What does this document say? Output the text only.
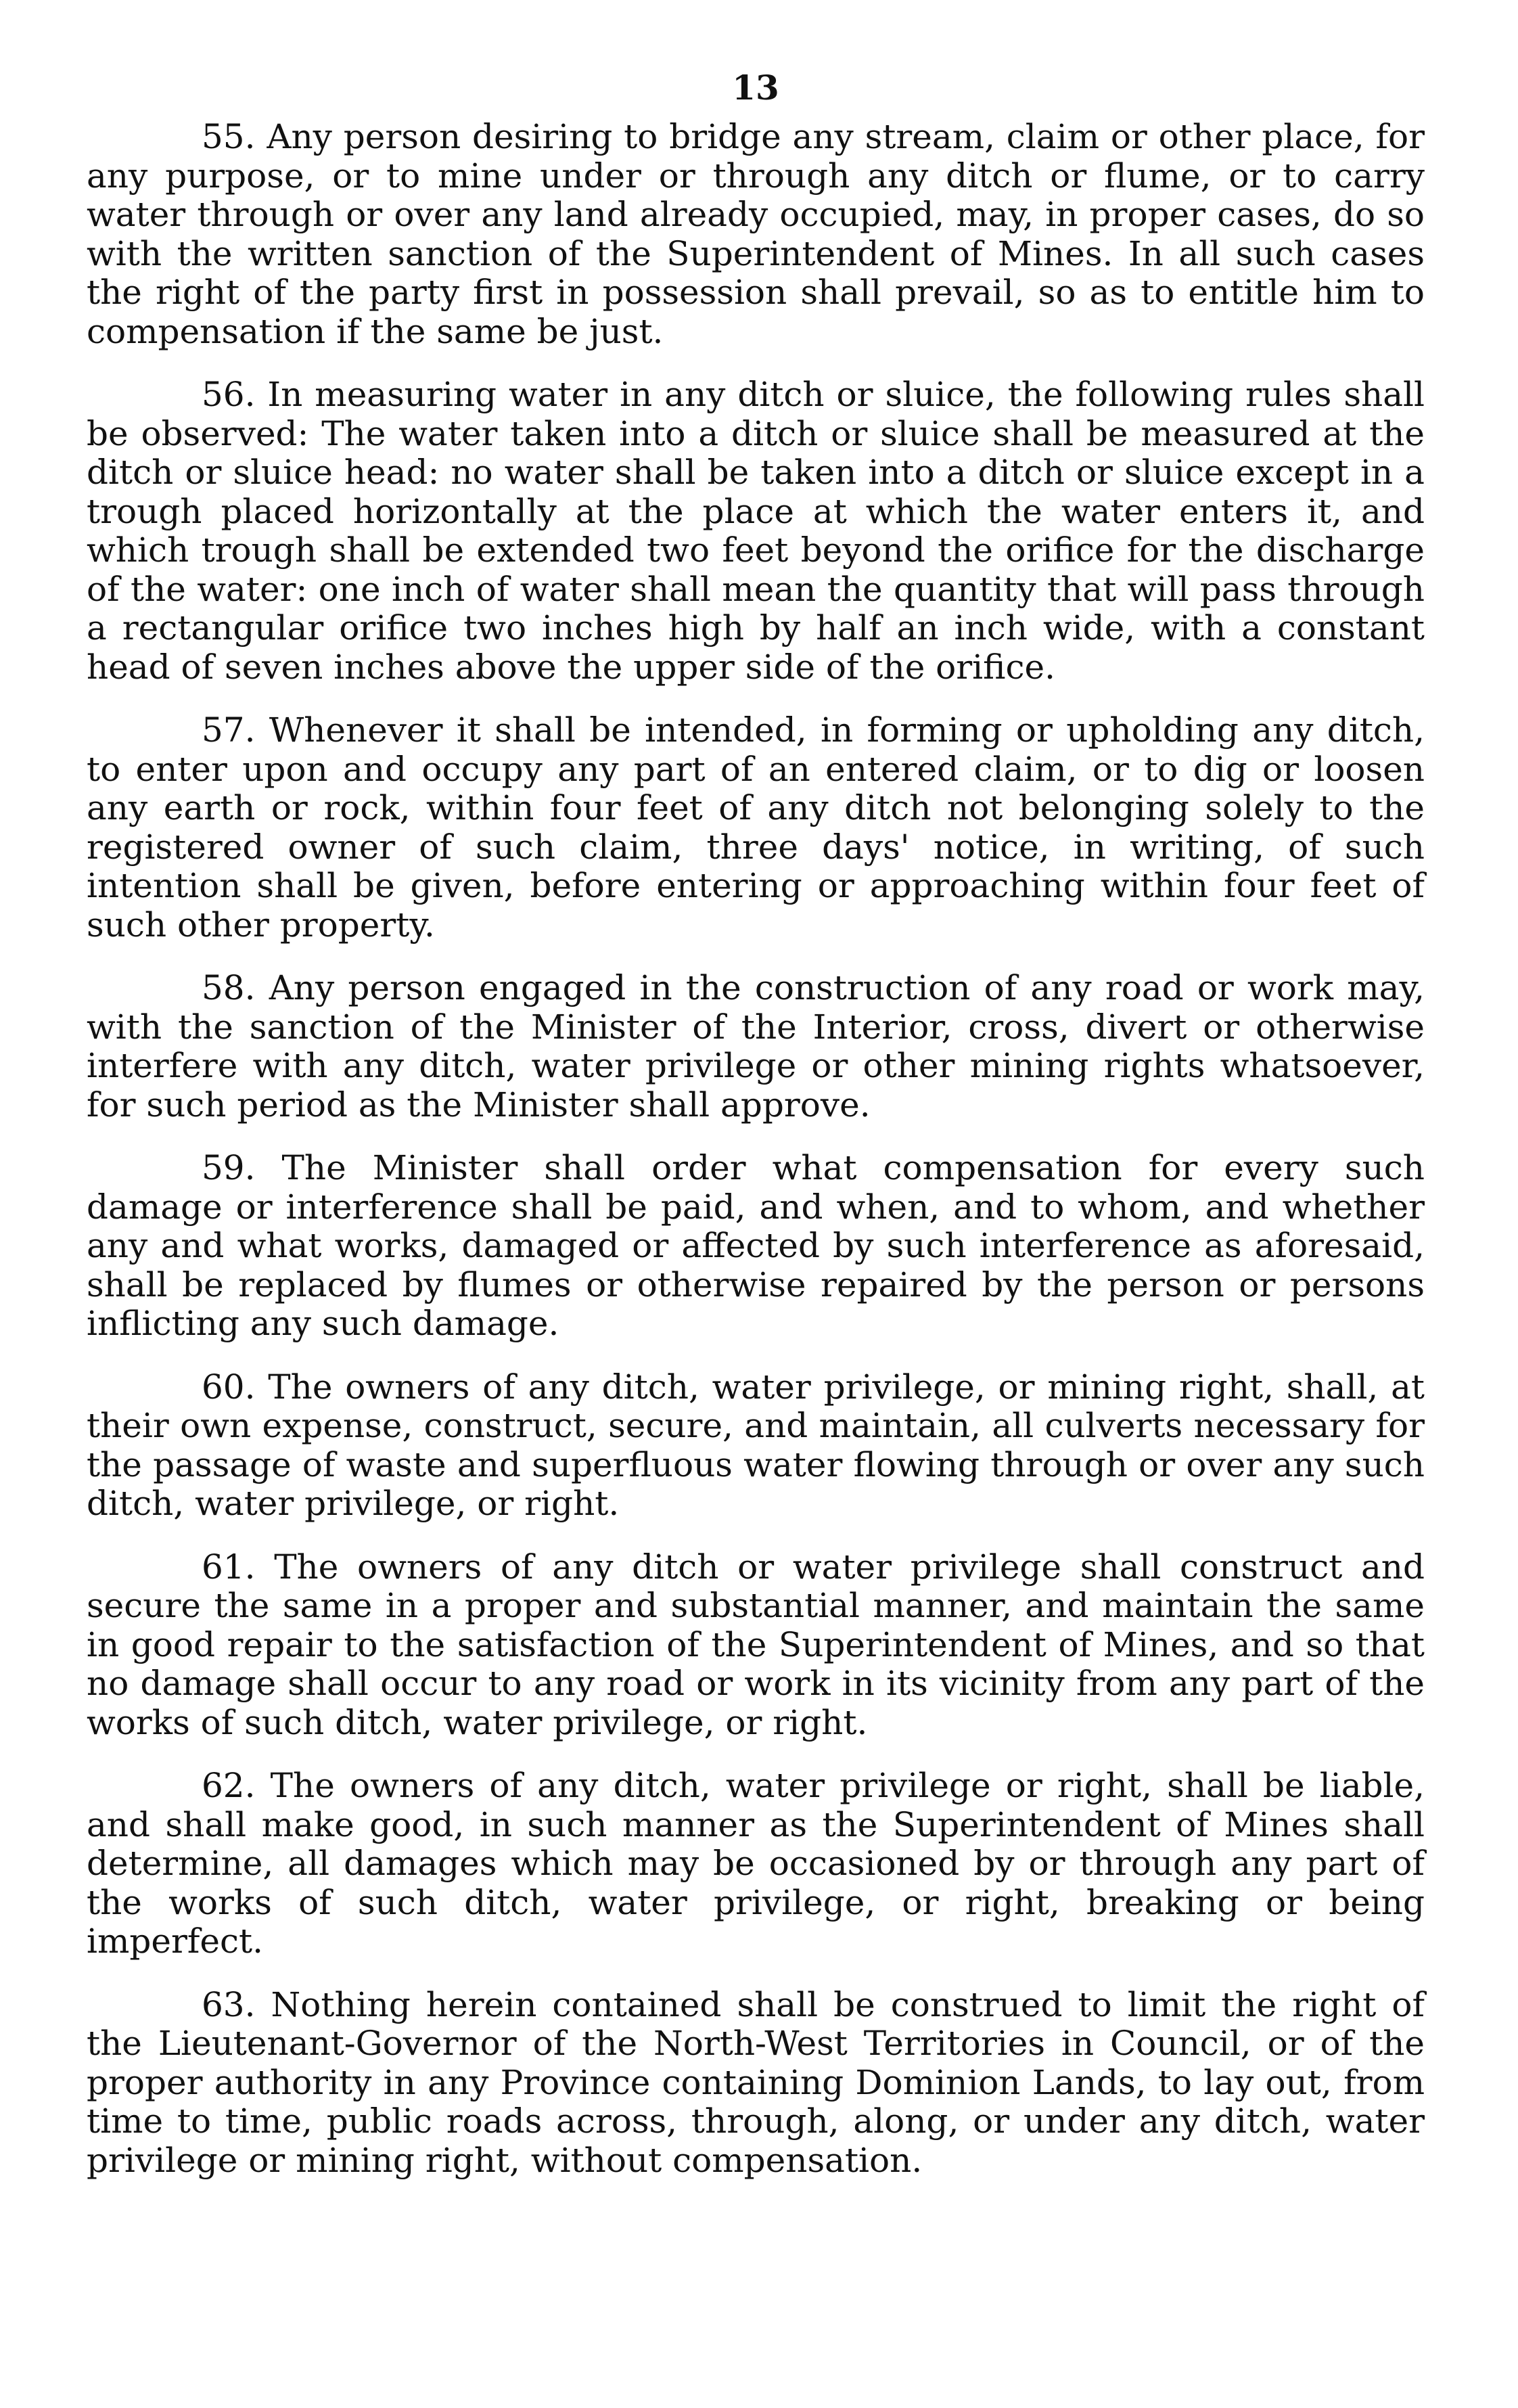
13

55. Any person desiring to bridge any stream, claim or other place, for any purpose, or to mine under or through any ditch or flume, or to carry water through or over any land already occupied, may, in proper cases, do so with the written sanction of the Superintendent of Mines. In all such cases the right of the party first in possession shall prevail, so as to entitle him to compensation if the same be just.

56. In measuring water in any ditch or sluice, the following rules shall be observed: The water taken into a ditch or sluice shall be measured at the ditch or sluice head: no water shall be taken into a ditch or sluice except in a trough placed horizontally at the place at which the water enters it, and which trough shall be extended two feet beyond the orifice for the discharge of the water: one inch of water shall mean the quantity that will pass through a rectangular orifice two inches high by half an inch wide, with a constant head of seven inches above the upper side of the orifice.

57. Whenever it shall be intended, in forming or upholding any ditch, to enter upon and occupy any part of an entered claim, or to dig or loosen any earth or rock, within four feet of any ditch not belonging solely to the registered owner of such claim, three days' notice, in writing, of such intention shall be given, before entering or approaching within four feet of such other property.

58. Any person engaged in the construction of any road or work may, with the sanction of the Minister of the Interior, cross, divert or otherwise interfere with any ditch, water privilege or other mining rights whatsoever, for such period as the Minister shall approve.

59. The Minister shall order what compensation for every such damage or interference shall be paid, and when, and to whom, and whether any and what works, damaged or affected by such interference as aforesaid, shall be replaced by flumes or otherwise repaired by the person or persons inflicting any such damage.

60. The owners of any ditch, water privilege, or mining right, shall, at their own expense, construct, secure, and maintain, all culverts necessary for the passage of waste and superfluous water flowing through or over any such ditch, water privilege, or right.

61. The owners of any ditch or water privilege shall construct and secure the same in a proper and substantial manner, and maintain the same in good repair to the satisfaction of the Superintendent of Mines, and so that no damage shall occur to any road or work in its vicinity from any part of the works of such ditch, water privilege, or right.

62. The owners of any ditch, water privilege or right, shall be liable, and shall make good, in such manner as the Superintendent of Mines shall determine, all damages which may be occasioned by or through any part of the works of such ditch, water privilege, or right, breaking or being imperfect.

63. Nothing herein contained shall be construed to limit the right of the Lieutenant-Governor of the North-West Territories in Council, or of the proper authority in any Province containing Dominion Lands, to lay out, from time to time, public roads across, through, along, or under any ditch, water privilege or mining right, without compensation.
